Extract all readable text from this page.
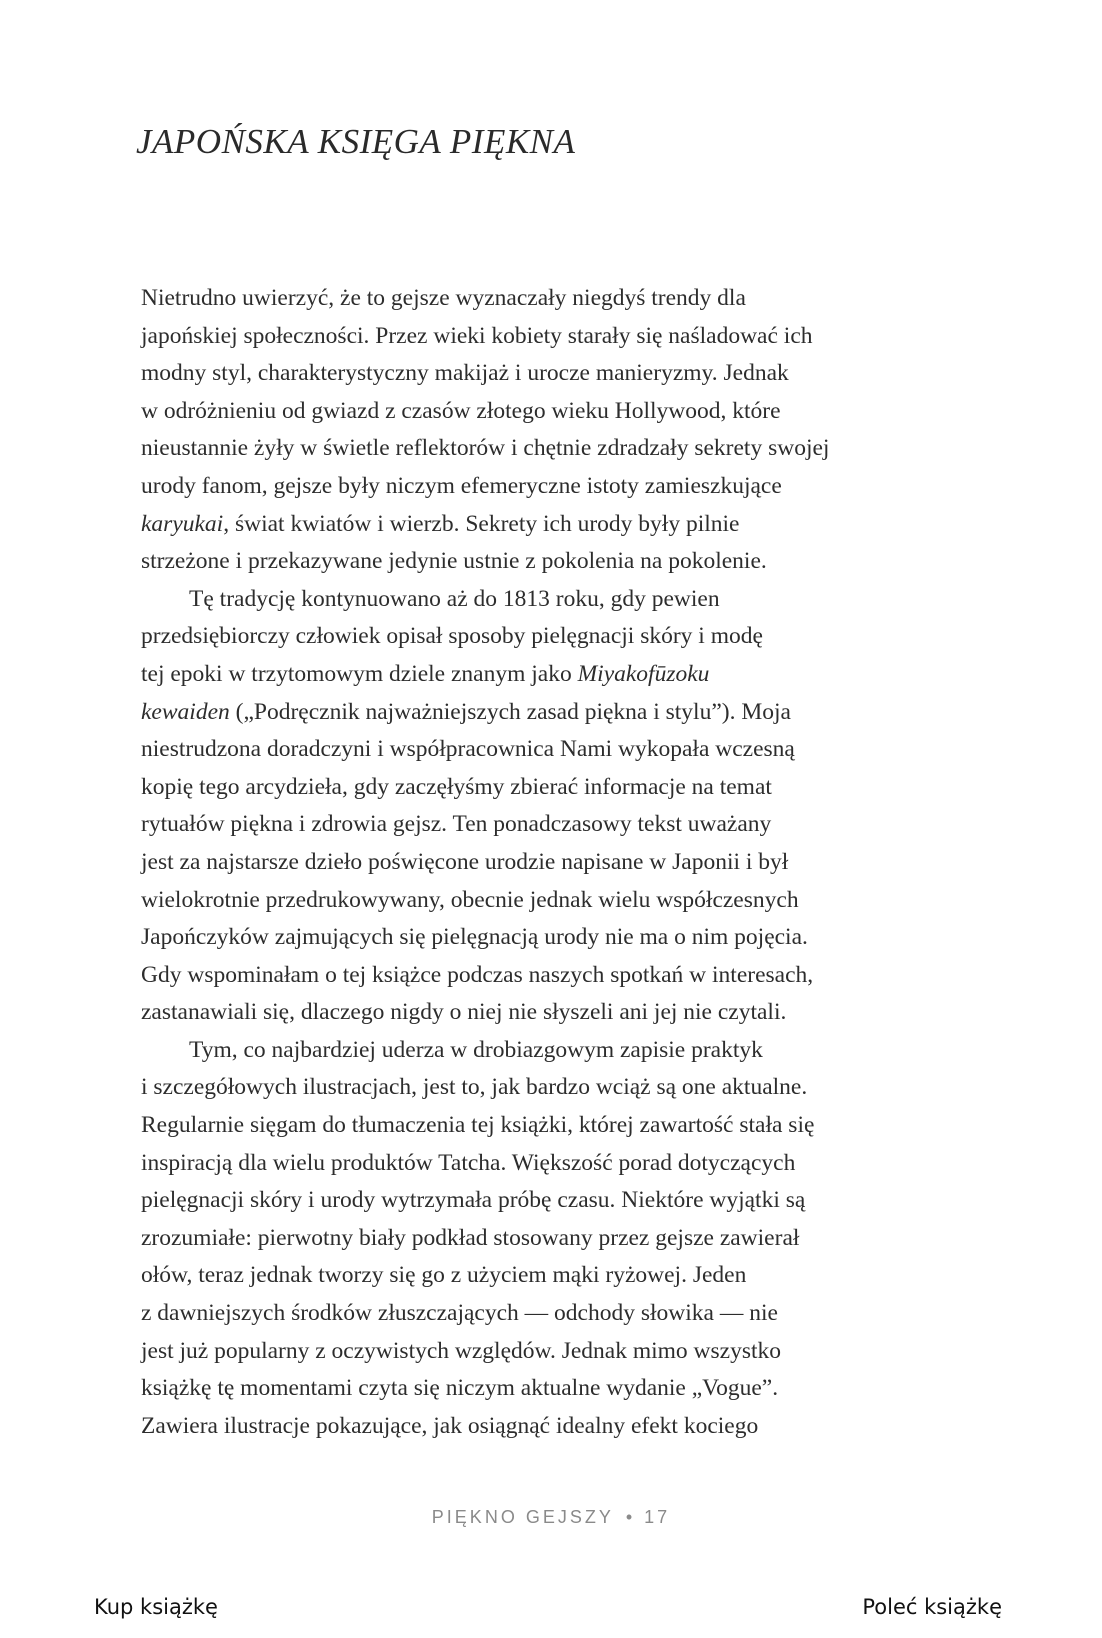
JAPOŃSKA KSIĘGA PIĘKNA
Nietrudno uwierzyć, że to gejsze wyznaczały niegdyś trendy dla
japońskiej społeczności. Przez wieki kobiety starały się naśladować ich
modny styl, charakterystyczny makijaż i urocze manieryzmy. Jednak
w odróżnieniu od gwiazd z czasów złotego wieku Hollywood, które
nieustannie żyły w świetle reflektorów i chętnie zdradzały sekrety swojej
urody fanom, gejsze były niczym efemeryczne istoty zamieszkujące
karyukai, świat kwiatów i wierzb. Sekrety ich urody były pilnie
strzeżone i przekazywane jedynie ustnie z pokolenia na pokolenie.
Tę tradycję kontynuowano aż do 1813 roku, gdy pewien
przedsiębiorczy człowiek opisał sposoby pielęgnacji skóry i modę
tej epoki w trzytomowym dziele znanym jako Miyakofūzoku
kewaiden („Podręcznik najważniejszych zasad piękna i stylu”). Moja
niestrudzona doradczyni i współpracownica Nami wykopała wczesną
kopię tego arcydzieła, gdy zaczęłyśmy zbierać informacje na temat
rytuałów piękna i zdrowia gejsz. Ten ponadczasowy tekst uważany
jest za najstarsze dzieło poświęcone urodzie napisane w Japonii i był
wielokrotnie przedrukowywany, obecnie jednak wielu współczesnych
Japończyków zajmujących się pielęgnacją urody nie ma o nim pojęcia.
Gdy wspominałam o tej książce podczas naszych spotkań w interesach,
zastanawiali się, dlaczego nigdy o niej nie słyszeli ani jej nie czytali.
Tym, co najbardziej uderza w drobiazgowym zapisie praktyk
i szczegółowych ilustracjach, jest to, jak bardzo wciąż są one aktualne.
Regularnie sięgam do tłumaczenia tej książki, której zawartość stała się
inspiracją dla wielu produktów Tatcha. Większość porad dotyczących
pielęgnacji skóry i urody wytrzymała próbę czasu. Niektóre wyjątki są
zrozumiałe: pierwotny biały podkład stosowany przez gejsze zawierał
ołów, teraz jednak tworzy się go z użyciem mąki ryżowej. Jeden
z dawniejszych środków złuszczających — odchody słowika — nie
jest już popularny z oczywistych względów. Jednak mimo wszystko
książkę tę momentami czyta się niczym aktualne wydanie „Vogue”.
Zawiera ilustracje pokazujące, jak osiągnąć idealny efekt kociego
PIĘKNO GEJSZY • 17
Kup książkę	Poleć książkę
